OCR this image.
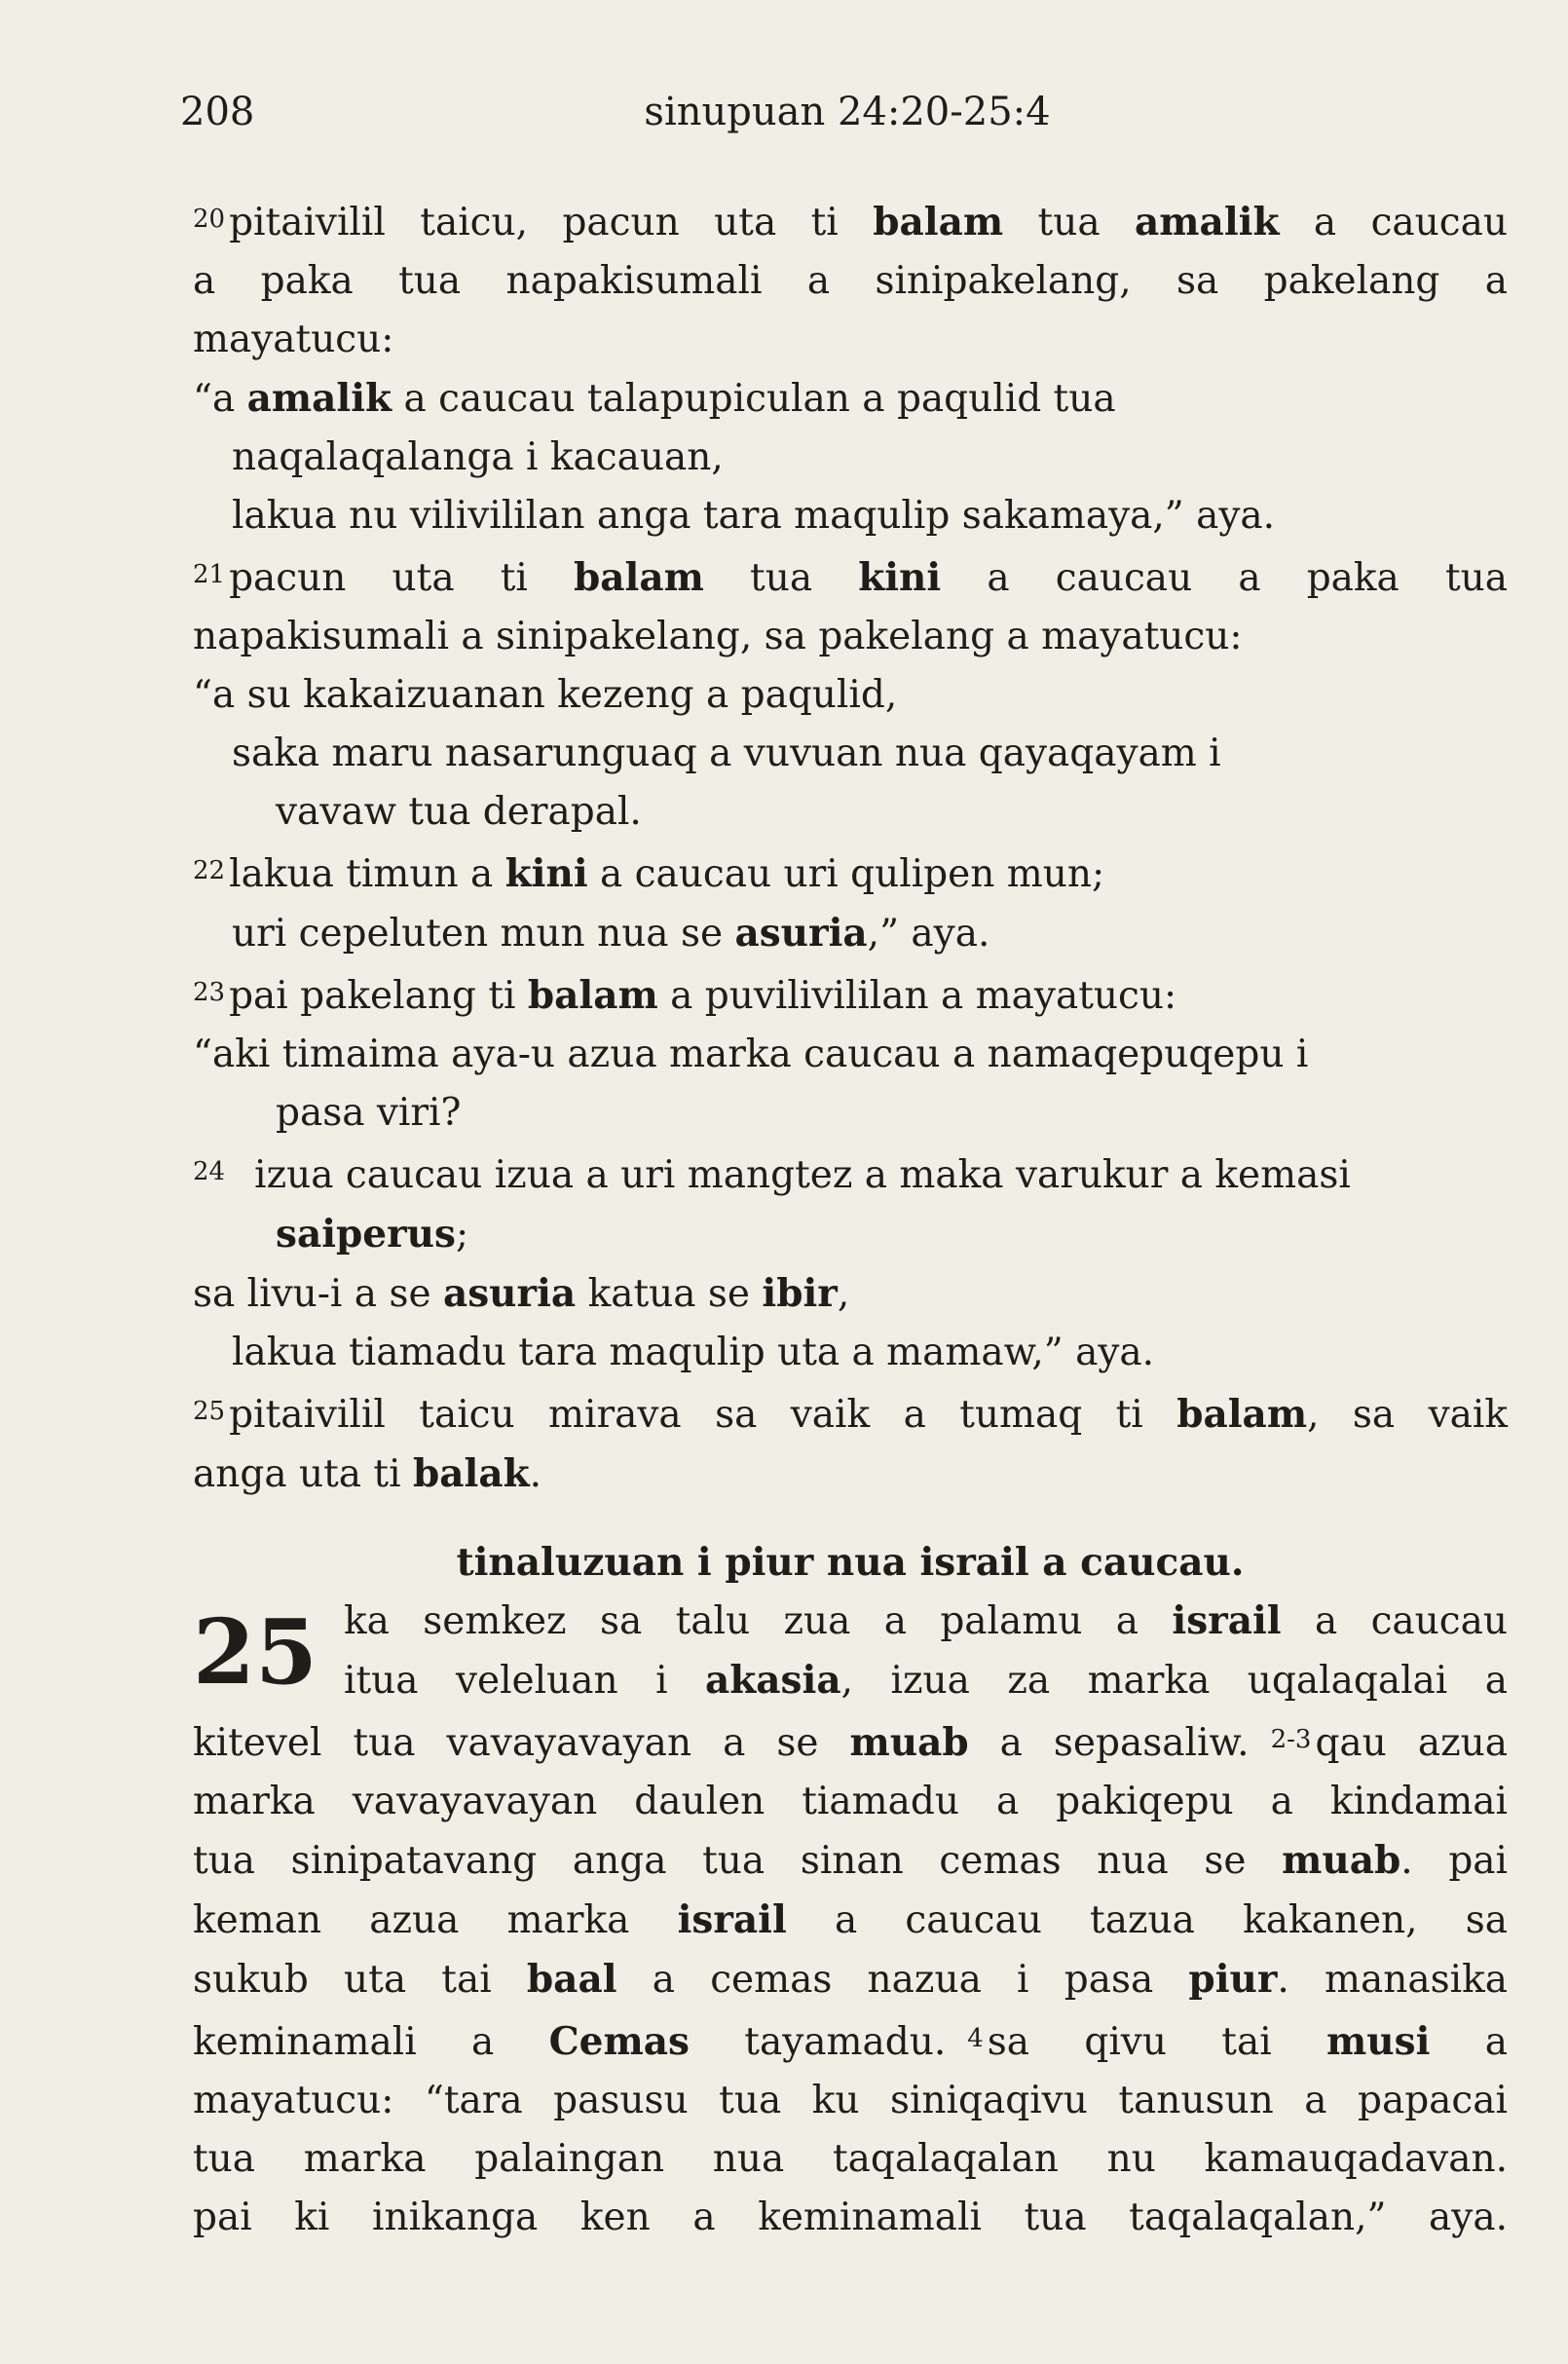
208	sinupuan 24:20-25:4
$^{20}$ pitaivilil taicu, pacun uta ti balam tua amalik a caucau
a paka tua napakisumali a sinipakelang, sa pakelang a
mayatucu:
“a amalik a caucau talapupiculan a paqulid tua
naqalaqalanga i kacauan,
lakua nu vilivililan anga tara maqulip sakamaya,” aya.
$^{21}$ pacun uta ti balam tua kini a caucau a paka tua
napakisumali a sinipakelang, sa pakelang a mayatucu:
“a su kakaizuanan kezeng a paqulid,
saka maru nasarunguaq a vuvuan nua qayaqayam i
vavaw tua derapal.
$^{22}$ lakua timun a kini a caucau uri qulipen mun;
uri cepeluten mun nua se asuria,” aya.
$^{23}$ pai pakelang ti balam a puvilivililan a mayatucu:
“aki timaima aya-u azua marka caucau a namaqepuqepu i
pasa viri?
$^{24}$ izua caucau izua a uri mangtez a maka varukur a kemasi
saiperus;
sa livu-i a se asuria katua se ibir,
lakua tiamadu tara maqulip uta a mamaw,” aya.
$^{25}$ pitaivilil taicu mirava sa vaik a tumaq ti balam, sa vaik
anga uta ti balak.
tinaluzuan i piur nua israil a caucau.
25 ka semkez sa talu zua a palamu a israil a caucau
itua veleluan i akasia, izua za marka uqalaqalai a
kitevel tua vavayavayan a se muab a sepasaliw. $^{2-3}$ qau azua
marka vavayavayan daulen tiamadu a pakiqepu a kindamai
tua sinipatavang anga tua sinan cemas nua se muab. pai
keman azua marka israil a caucau tazua kakanen, sa
sukub uta tai baal a cemas nazua i pasa piur. manasika
keminamali a Cemas tayamadu. $^4$ sa qivu tai musi a
mayatucu: “tara pasusu tua ku siniqaqivu tanusun a papacai
tua marka palaingan nua taqalaqalan nu kamauqadavan.
pai ki inikanga ken a keminamali tua taqalaqalan,” aya.
